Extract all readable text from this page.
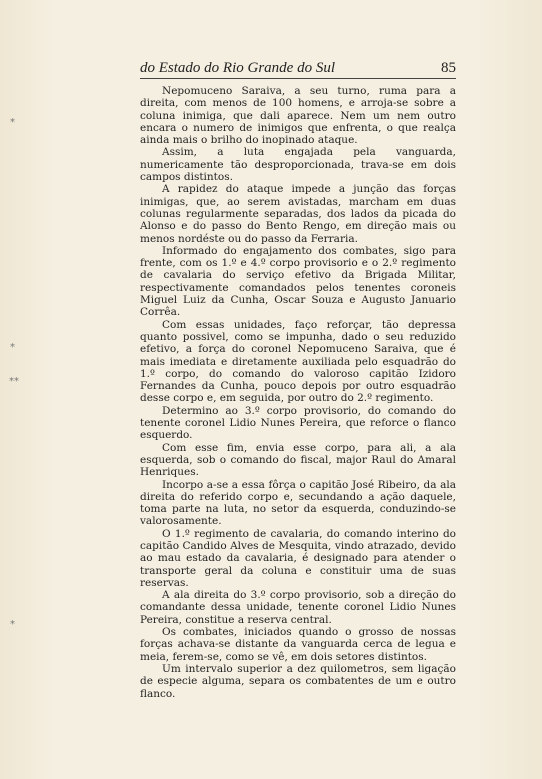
do Estado do Rio Grande do Sul	85

Nepomuceno Saraiva, a seu turno, ruma para a direita, com menos de 100 homens, e arroja-se sobre a coluna inimiga, que dali aparece. Nem um nem outro encara o numero de inimigos que enfrenta, o que realça ainda mais o brilho do inopinado ataque.

Assim, a luta engajada pela vanguarda, numericamente tão desproporcionada, trava-se em dois campos distintos.

A rapidez do ataque impede a junção das forças inimigas, que, ao serem avistadas, marcham em duas colunas regularmente separadas, dos lados da picada do Alonso e do passo do Bento Rengo, em direção mais ou menos nordéste ou do passo da Ferraria.

Informado do engajamento dos combates, sigo para frente, com os 1.º e 4.º corpo provisorio e o 2.º regimento de cavalaria do serviço efetivo da Brigada Militar, respectivamente comandados pelos tenentes coroneis Miguel Luiz da Cunha, Oscar Souza e Augusto Januario Corrêa.

Com essas unidades, faço reforçar, tão depressa quanto possivel, como se impunha, dado o seu reduzido efetivo, a força do coronel Nepomuceno Saraiva, que é mais imediata e diretamente auxiliada pelo esquadrão do 1.º corpo, do comando do valoroso capitão Izidoro Fernandes da Cunha, pouco depois por outro esquadrão desse corpo e, em seguida, por outro do 2.º regimento.

Determino ao 3.º corpo provisorio, do comando do tenente coronel Lidio Nunes Pereira, que reforce o flanco esquerdo.

Com esse fim, envia esse corpo, para ali, a ala esquerda, sob o comando do fiscal, major Raul do Amaral Henriques.

Incorpo a-se a essa fôrça o capitão José Ribeiro, da ala direita do referido corpo e, secundando a ação daquele, toma parte na luta, no setor da esquerda, conduzindo-se valorosamente.

O 1.º regimento de cavalaria, do comando interino do capitão Candido Alves de Mesquita, vindo atrazado, devido ao mau estado da cavalaria, é designado para atender o transporte geral da coluna e constituir uma de suas reservas.

A ala direita do 3.º corpo provisorio, sob a direção do comandante dessa unidade, tenente coronel Lidio Nunes Pereira, constitue a reserva central.

Os combates, iniciados quando o grosso de nossas forças achava-se distante da vanguarda cerca de legua e meia, ferem-se, como se vê, em dois setores distintos.

Um intervalo superior a dez quilometros, sem ligação de especie alguma, separa os combatentes de um e outro flanco.

*
*
**
*
